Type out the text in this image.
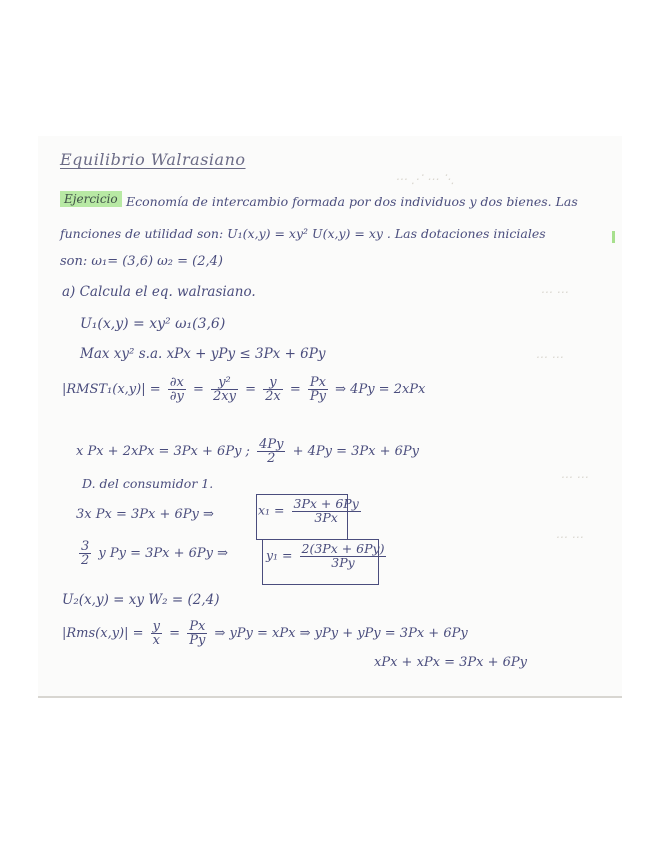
⋯ ⋰ ⋯ ⋱
⋯ ⋯
⋯ ⋯
⋯ ⋯
⋯ ⋯
Equilibrio Walrasiano
Ejercicio Economía de intercambio formada por dos individuos y dos bienes. Las
funciones de utilidad son: U₁(x,y) = xy² U(x,y) = xy . Las dotaciones iniciales
son: ω₁= (3,6) ω₂ = (2,4)
a) Calcula el eq. walrasiano.
U₁(x,y) = xy² ω₁(3,6)
Max xy² s.a. xPx + yPy ≤ 3Px + 6Py
|RMST₁(x,y)| = $\frac{\partial x}{\partial y} = \frac{\text{y²}}{2xy} = \frac{y}{2x} = \frac{Px}{Py}$ ⇒ 4Py = 2xPx
x Px + 2xPx = 3Px + 6Py ; $\frac{4Py}{2} + 4Py = 3Px + 6Py$
D. del consumidor 1.
3x Px = 3Px + 6Py ⇒	$x_1 = \frac{3Px + 6Py}{3Px}$
$\frac{3}{2}$ y Py = 3Px + 6Py ⇒	$y_1 = \frac{2(3Px + 6Py)}{3Py}$
U₂(x,y) = xy W₂ = (2,4)
$|Rms(x,y)| = \frac{y}{x} = \frac{Px}{Py}$ ⇒ yPy = xPx ⇒ yPy + yPy = 3Px + 6Py
xPx + xPx = 3Px + 6Py
